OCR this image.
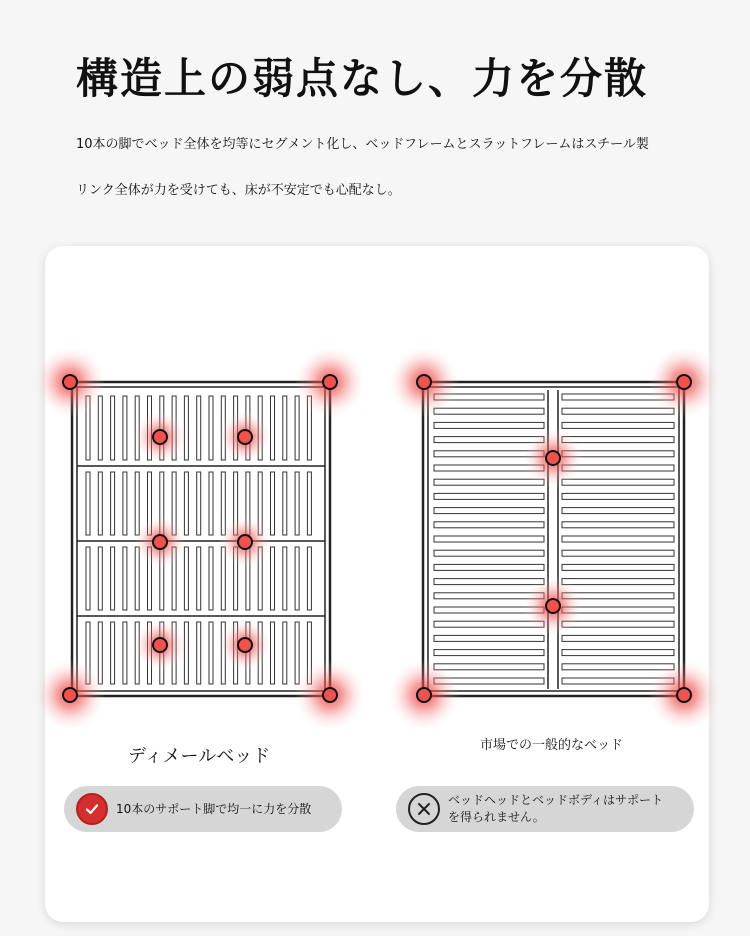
構造上の弱点なし、力を分散
10本の脚でベッド全体を均等にセグメント化し、ベッドフレームとスラットフレームはスチール製
リンク全体が力を受けても、床が不安定でも心配なし。
ディメールベッド
市場での一般的なベッド
10本のサポート脚で均一に力を分散
ベッドヘッドとベッドボディはサポートを得られません。
